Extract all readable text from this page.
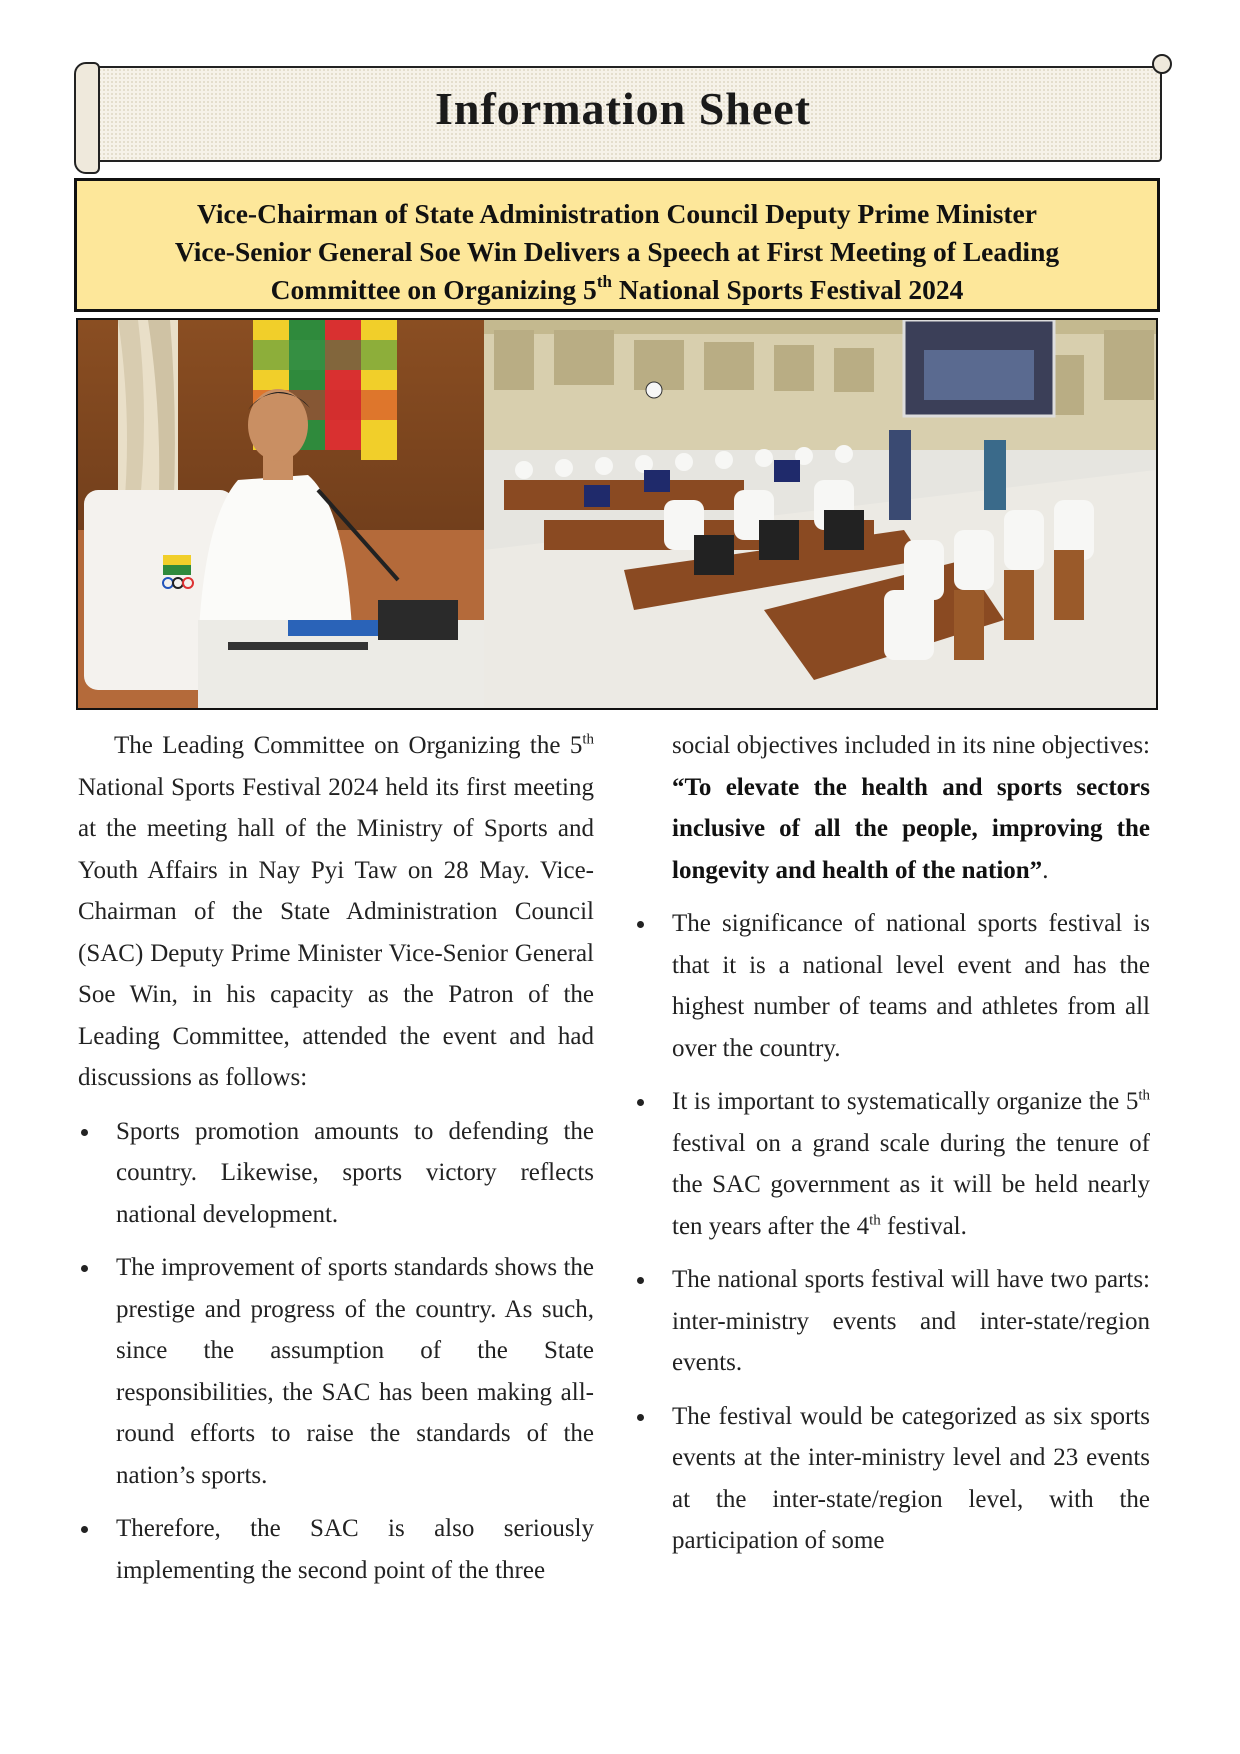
Information Sheet
Vice-Chairman of State Administration Council Deputy Prime Minister
Vice-Senior General Soe Win Delivers a Speech at First Meeting of Leading
Committee on Organizing 5th National Sports Festival 2024

The Leading Committee on Organizing the 5th National Sports Festival 2024 held its first meeting at the meeting hall of the Ministry of Sports and Youth Affairs in Nay Pyi Taw on 28 May. Vice-Chairman of the State Administration Council (SAC) Deputy Prime Minister Vice-Senior General Soe Win, in his capacity as the Patron of the Leading Committee, attended the event and had discussions as follows:

Sports promotion amounts to defending the country. Likewise, sports victory reflects national development.
The improvement of sports standards shows the prestige and progress of the country. As such, since the assumption of the State responsibilities, the SAC has been making all-round efforts to raise the standards of the nation’s sports.
Therefore, the SAC is also seriously implementing the second point of the three

social objectives included in its nine objectives: “To elevate the health and sports sectors inclusive of all the people, improving the longevity and health of the nation”.

The significance of national sports festival is that it is a national level event and has the highest number of teams and athletes from all over the country.
It is important to systematically organize the 5th festival on a grand scale during the tenure of the SAC government as it will be held nearly ten years after the 4th festival.
The national sports festival will have two parts: inter-ministry events and inter-state/region events.
The festival would be categorized as six sports events at the inter-ministry level and 23 events at the inter-state/region level, with the participation of some
